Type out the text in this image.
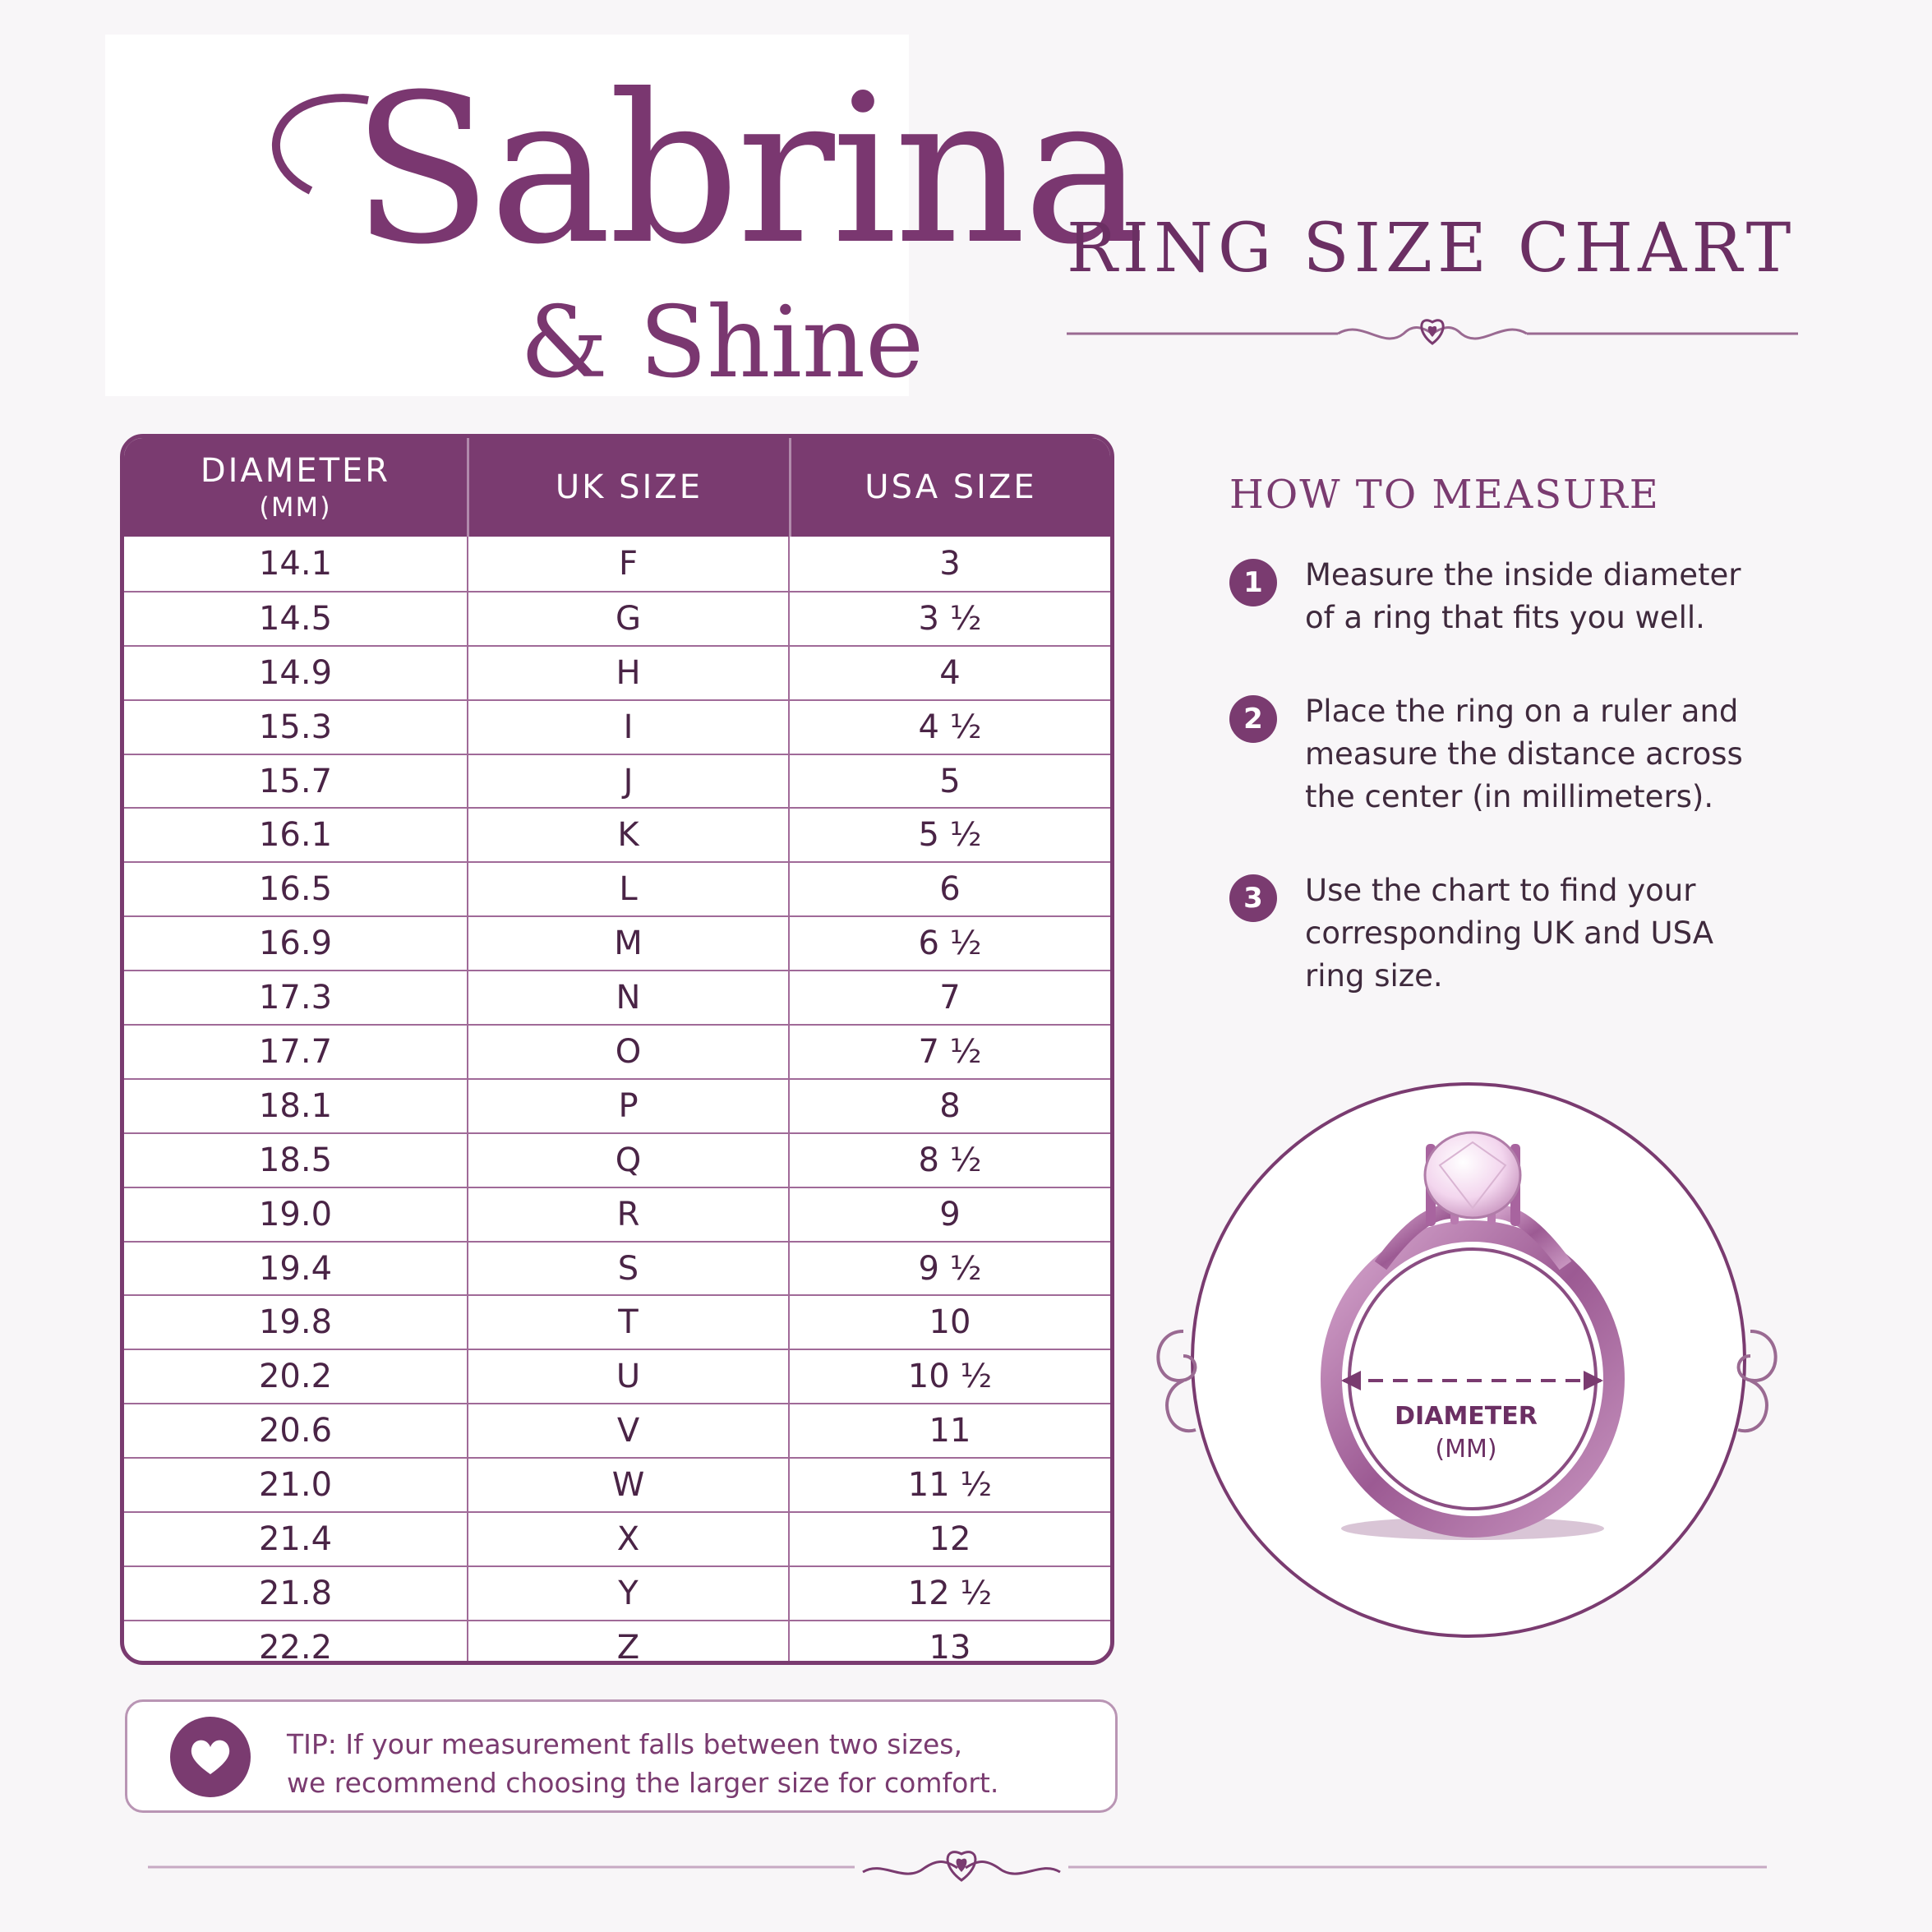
Sabrina
& Shine
RING SIZE CHART
DIAMETER
(MM)
UK SIZE	USA SIZE
14.1	F	3
14.5	G	3 ½
14.9	H	4
15.3	I	4 ½
15.7	J	5
16.1	K	5 ½
16.5	L	6
16.9	M	6 ½
17.3	N	7
17.7	O	7 ½
18.1	P	8
18.5	Q	8 ½
19.0	R	9
19.4	S	9 ½
19.8	T	10
20.2	U	10 ½
20.6	V	11
21.0	W	11 ½
21.4	X	12
21.8	Y	12 ½
22.2	Z	13
TIP: If your measurement falls between two sizes,
we recommend choosing the larger size for comfort.
HOW TO MEASURE
1	Measure the inside diameter
of a ring that fits you well.
2	Place the ring on a ruler and
measure the distance across
the center (in millimeters).
3	Use the chart to find your
corresponding UK and USA
ring size.
DIAMETER
(MM)
